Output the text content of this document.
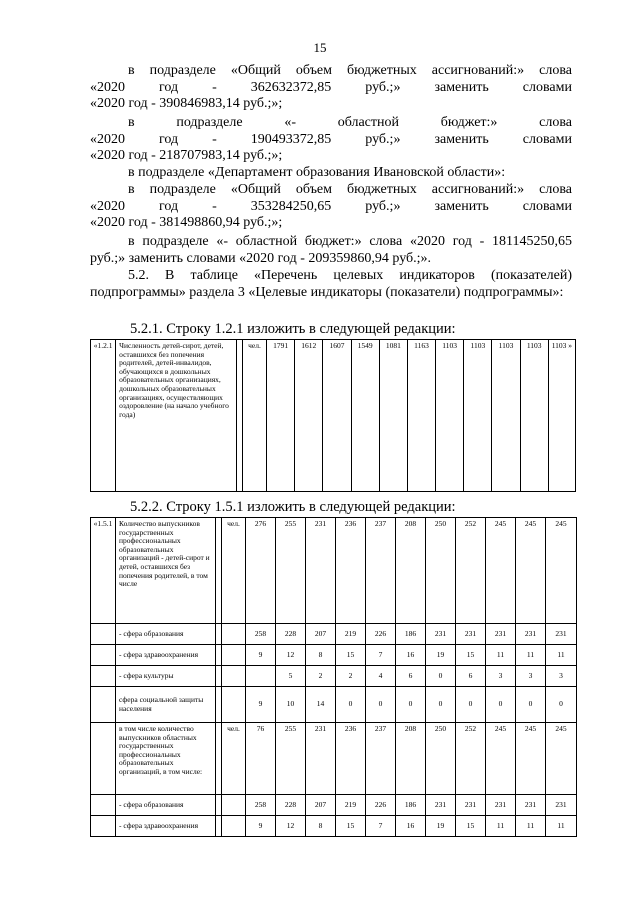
15
в подразделе «Общий объем бюджетных ассигнований:» слова
«2020 год - 362632372,85 руб.;» заменить словами
«2020 год - 390846983,14 руб.;»;
в	подразделе	«-	областной	бюджет:»	слова
«2020 год - 190493372,85 руб.;» заменить словами
«2020 год - 218707983,14 руб.;»;
в подразделе «Департамент образования Ивановской области»:
в подразделе «Общий объем бюджетных ассигнований:» слова
«2020 год - 353284250,65 руб.;» заменить словами
«2020 год - 381498860,94 руб.;»;
в подразделе «- областной бюджет:» слова «2020 год - 181145250,65 руб.;» заменить словами «2020 год - 209359860,94 руб.;».
5.2. В таблице «Перечень целевых индикаторов (показателей) подпрограммы» раздела 3 «Целевые индикаторы (показатели) подпрограммы»:
5.2.1. Строку 1.2.1 изложить в следующей редакции:
«1.2.1	Численность детей-сирот, детей, оставшихся без попечения родителей, детей-инвалидов, обучающихся в дошкольных образовательных организациях, дошкольных образовательных организациях, осуществляющих оздоровление (на начало учебного года)		чел.	1791	1612	1607	1549	1081	1163	1103	1103	1103	1103	1103 »
5.2.2. Строку 1.5.1 изложить в следующей редакции:
«1.5.1	Количество выпускников государственных профессиональных образовательных организаций - детей-сирот и детей, оставшихся без попечения родителей, в том числе		чел.	276	255	231	236	237	208	250	252	245	245	245
	- сфера образования			258	228	207	219	226	186	231	231	231	231	231
	- сфера здравоохранения			9	12	8	15	7	16	19	15	11	11	11
	- сфера культуры				5	2	2	4	6	0	6	3	3	3
	сфера социальной защиты населения			9	10	14	0	0	0	0	0	0	0	0
	в том числе количество выпускников областных государственных профессиональных образовательных организаций, в том числе:		чел.	76	255	231	236	237	208	250	252	245	245	245
	- сфера образования			258	228	207	219	226	186	231	231	231	231	231
	- сфера здравоохранения			9	12	8	15	7	16	19	15	11	11	11
